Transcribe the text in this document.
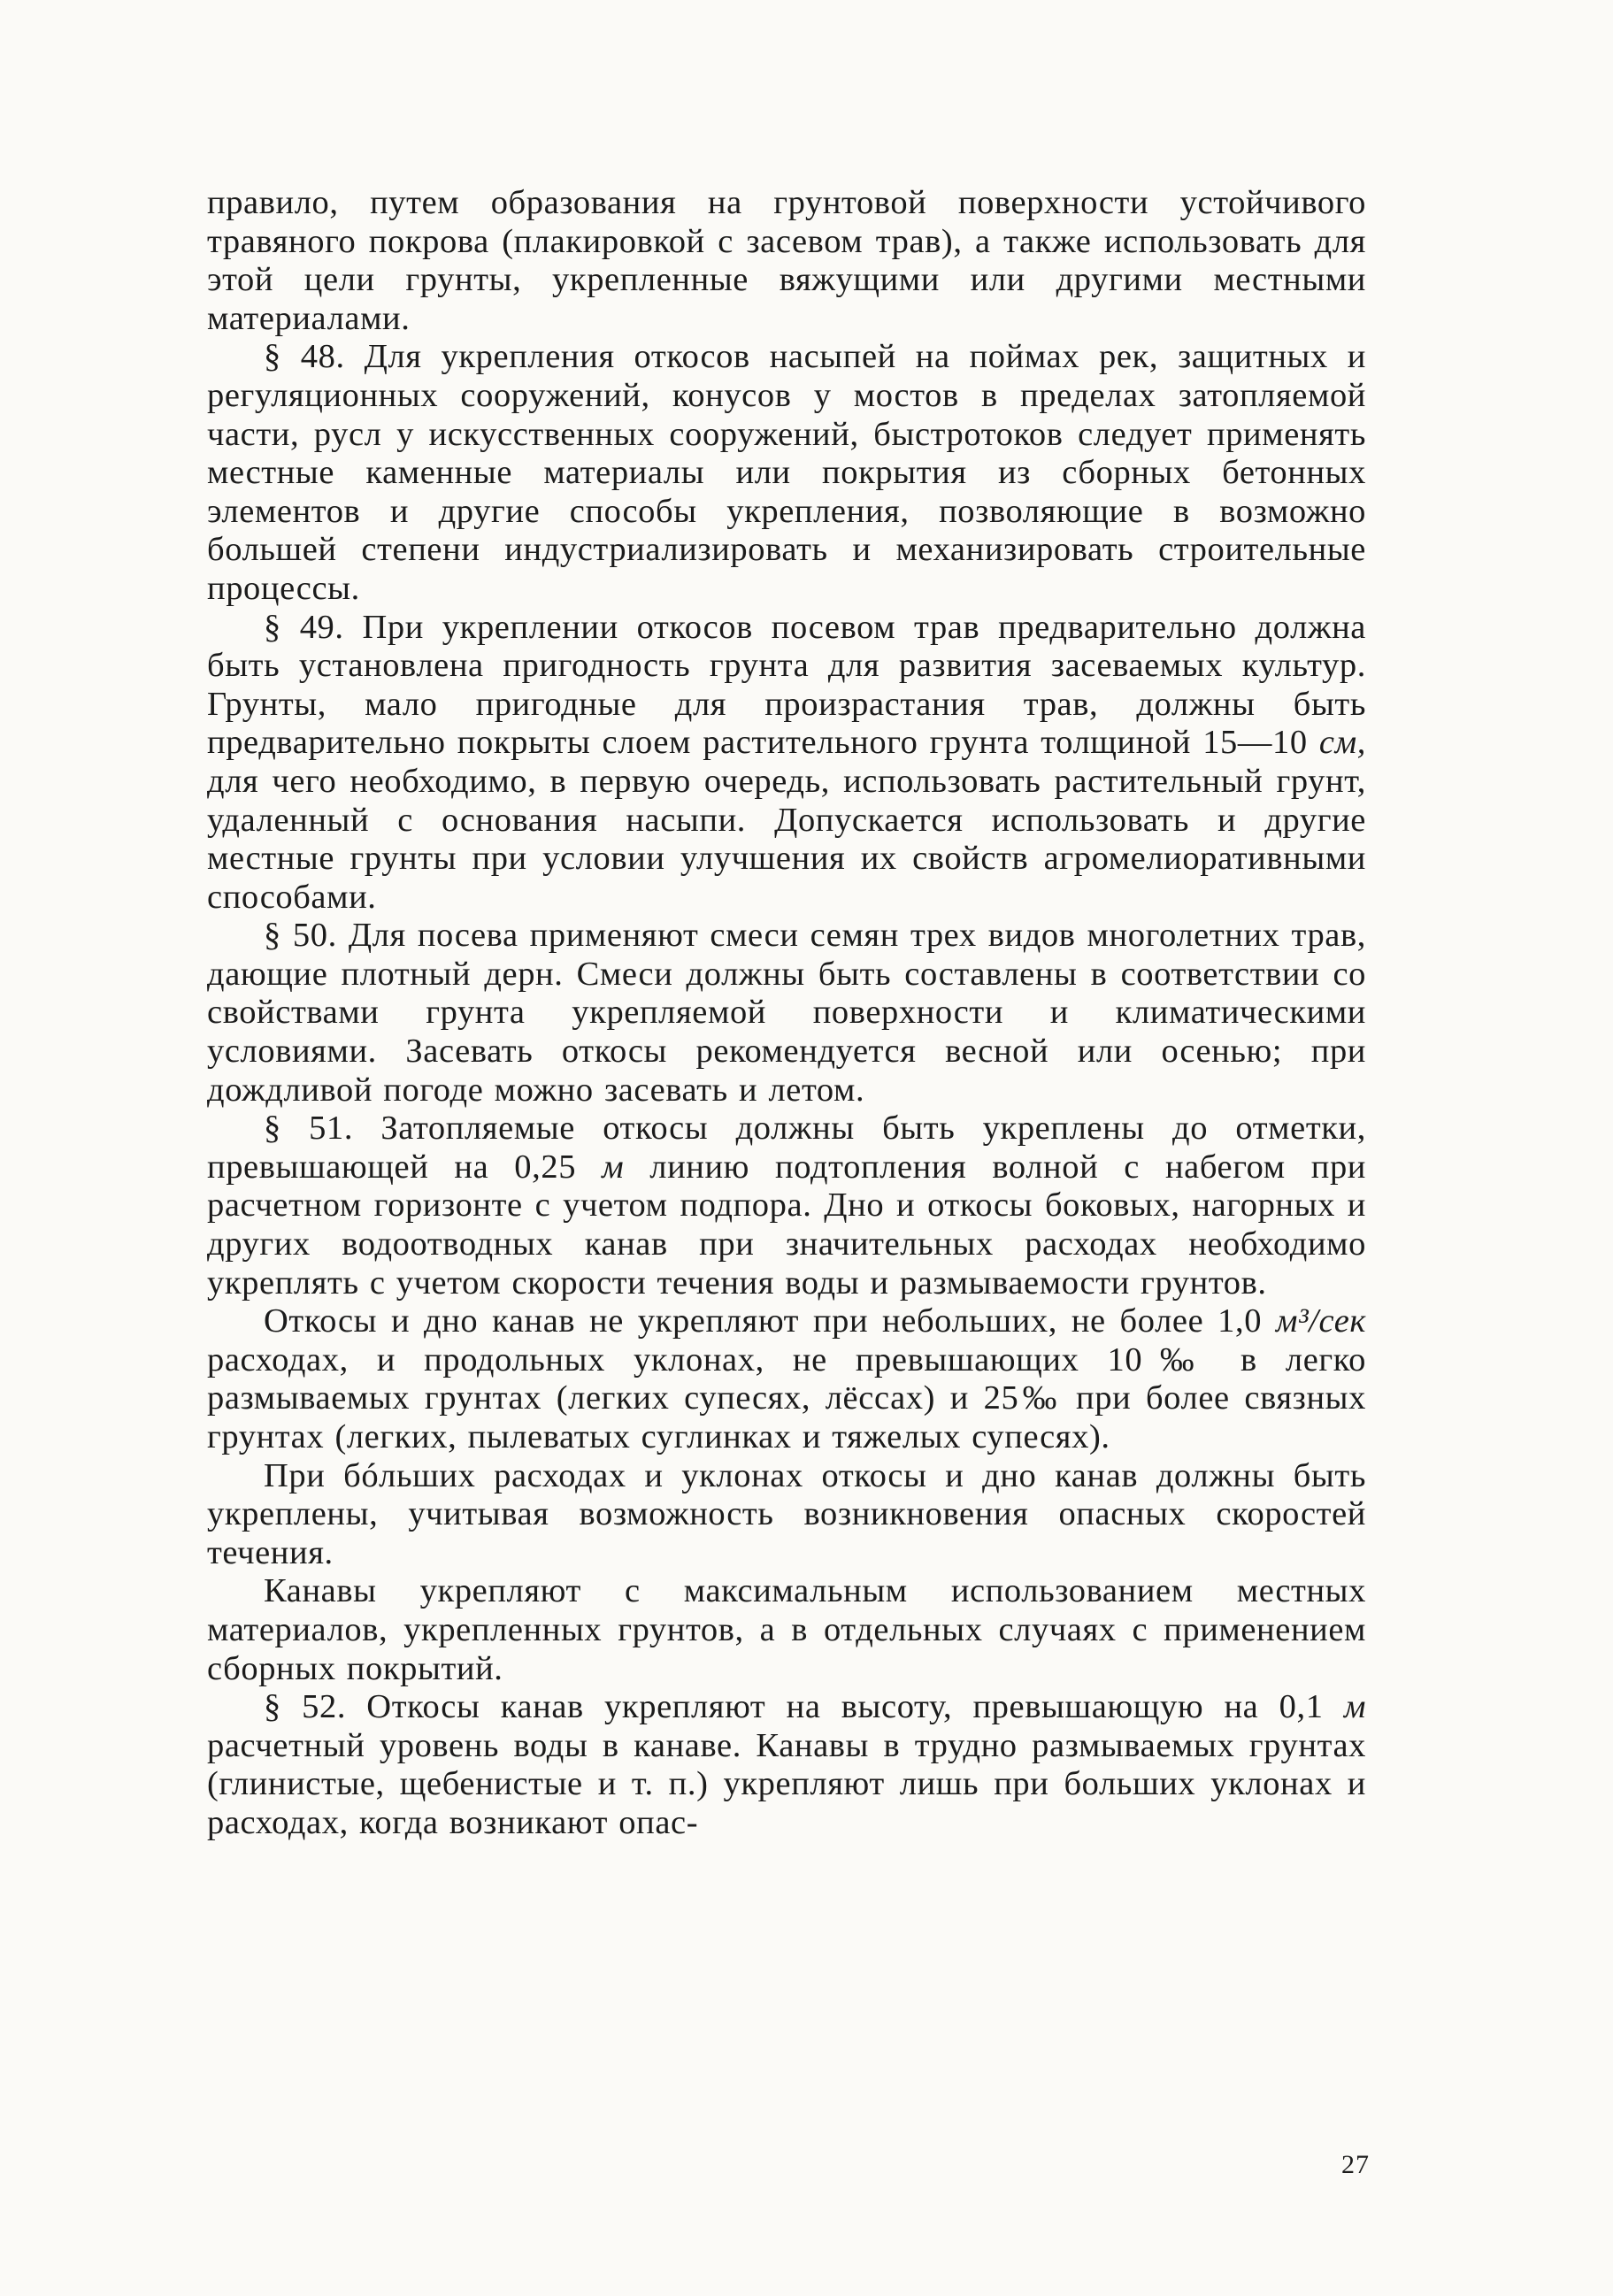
правило, путем образования на грунтовой поверхности устойчивого травяного покрова (плакировкой с засевом трав), а также использовать для этой цели грунты, укрепленные вяжущими или другими местными материалами.

§ 48. Для укрепления откосов насыпей на поймах рек, защитных и регуляционных сооружений, конусов у мостов в пределах затопляемой части, русл у искусственных сооружений, быстротоков следует применять местные каменные материалы или покрытия из сборных бетонных элементов и другие способы укрепления, позволяющие в возможно большей степени индустриализировать и механизировать строительные процессы.

§ 49. При укреплении откосов посевом трав предварительно должна быть установлена пригодность грунта для развития засеваемых культур. Грунты, мало пригодные для произрастания трав, должны быть предварительно покрыты слоем растительного грунта толщиной 15—10 см, для чего необходимо, в первую очередь, использовать растительный грунт, удаленный с основания насыпи. Допускается использовать и другие местные грунты при условии улучшения их свойств агромелиоративными способами.

§ 50. Для посева применяют смеси семян трех видов многолетних трав, дающие плотный дерн. Смеси должны быть составлены в соответствии со свойствами грунта укрепляемой поверхности и климатическими условиями. Засевать откосы рекомендуется весной или осенью; при дождливой погоде можно засевать и летом.

§ 51. Затопляемые откосы должны быть укреплены до отметки, превышающей на 0,25 м линию подтопления волной с набегом при расчетном горизонте с учетом подпора. Дно и откосы боковых, нагорных и других водоотводных канав при значительных расходах необходимо укреплять с учетом скорости течения воды и размываемости грунтов.

Откосы и дно канав не укрепляют при небольших, не более 1,0 м³/сек расходах, и продольных уклонах, не превышающих 10‰ в легко размываемых грунтах (легких супесях, лёссах) и 25‰ при более связных грунтах (легких, пылеватых суглинках и тяжелых супесях).

При бóльших расходах и уклонах откосы и дно канав должны быть укреплены, учитывая возможность возникновения опасных скоростей течения.

Канавы укрепляют с максимальным использованием местных материалов, укрепленных грунтов, а в отдельных случаях с применением сборных покрытий.

§ 52. Откосы канав укрепляют на высоту, превышающую на 0,1 м расчетный уровень воды в канаве. Канавы в трудно размываемых грунтах (глинистые, щебенистые и т. п.) укрепляют лишь при больших уклонах и расходах, когда возникают опас-

27
